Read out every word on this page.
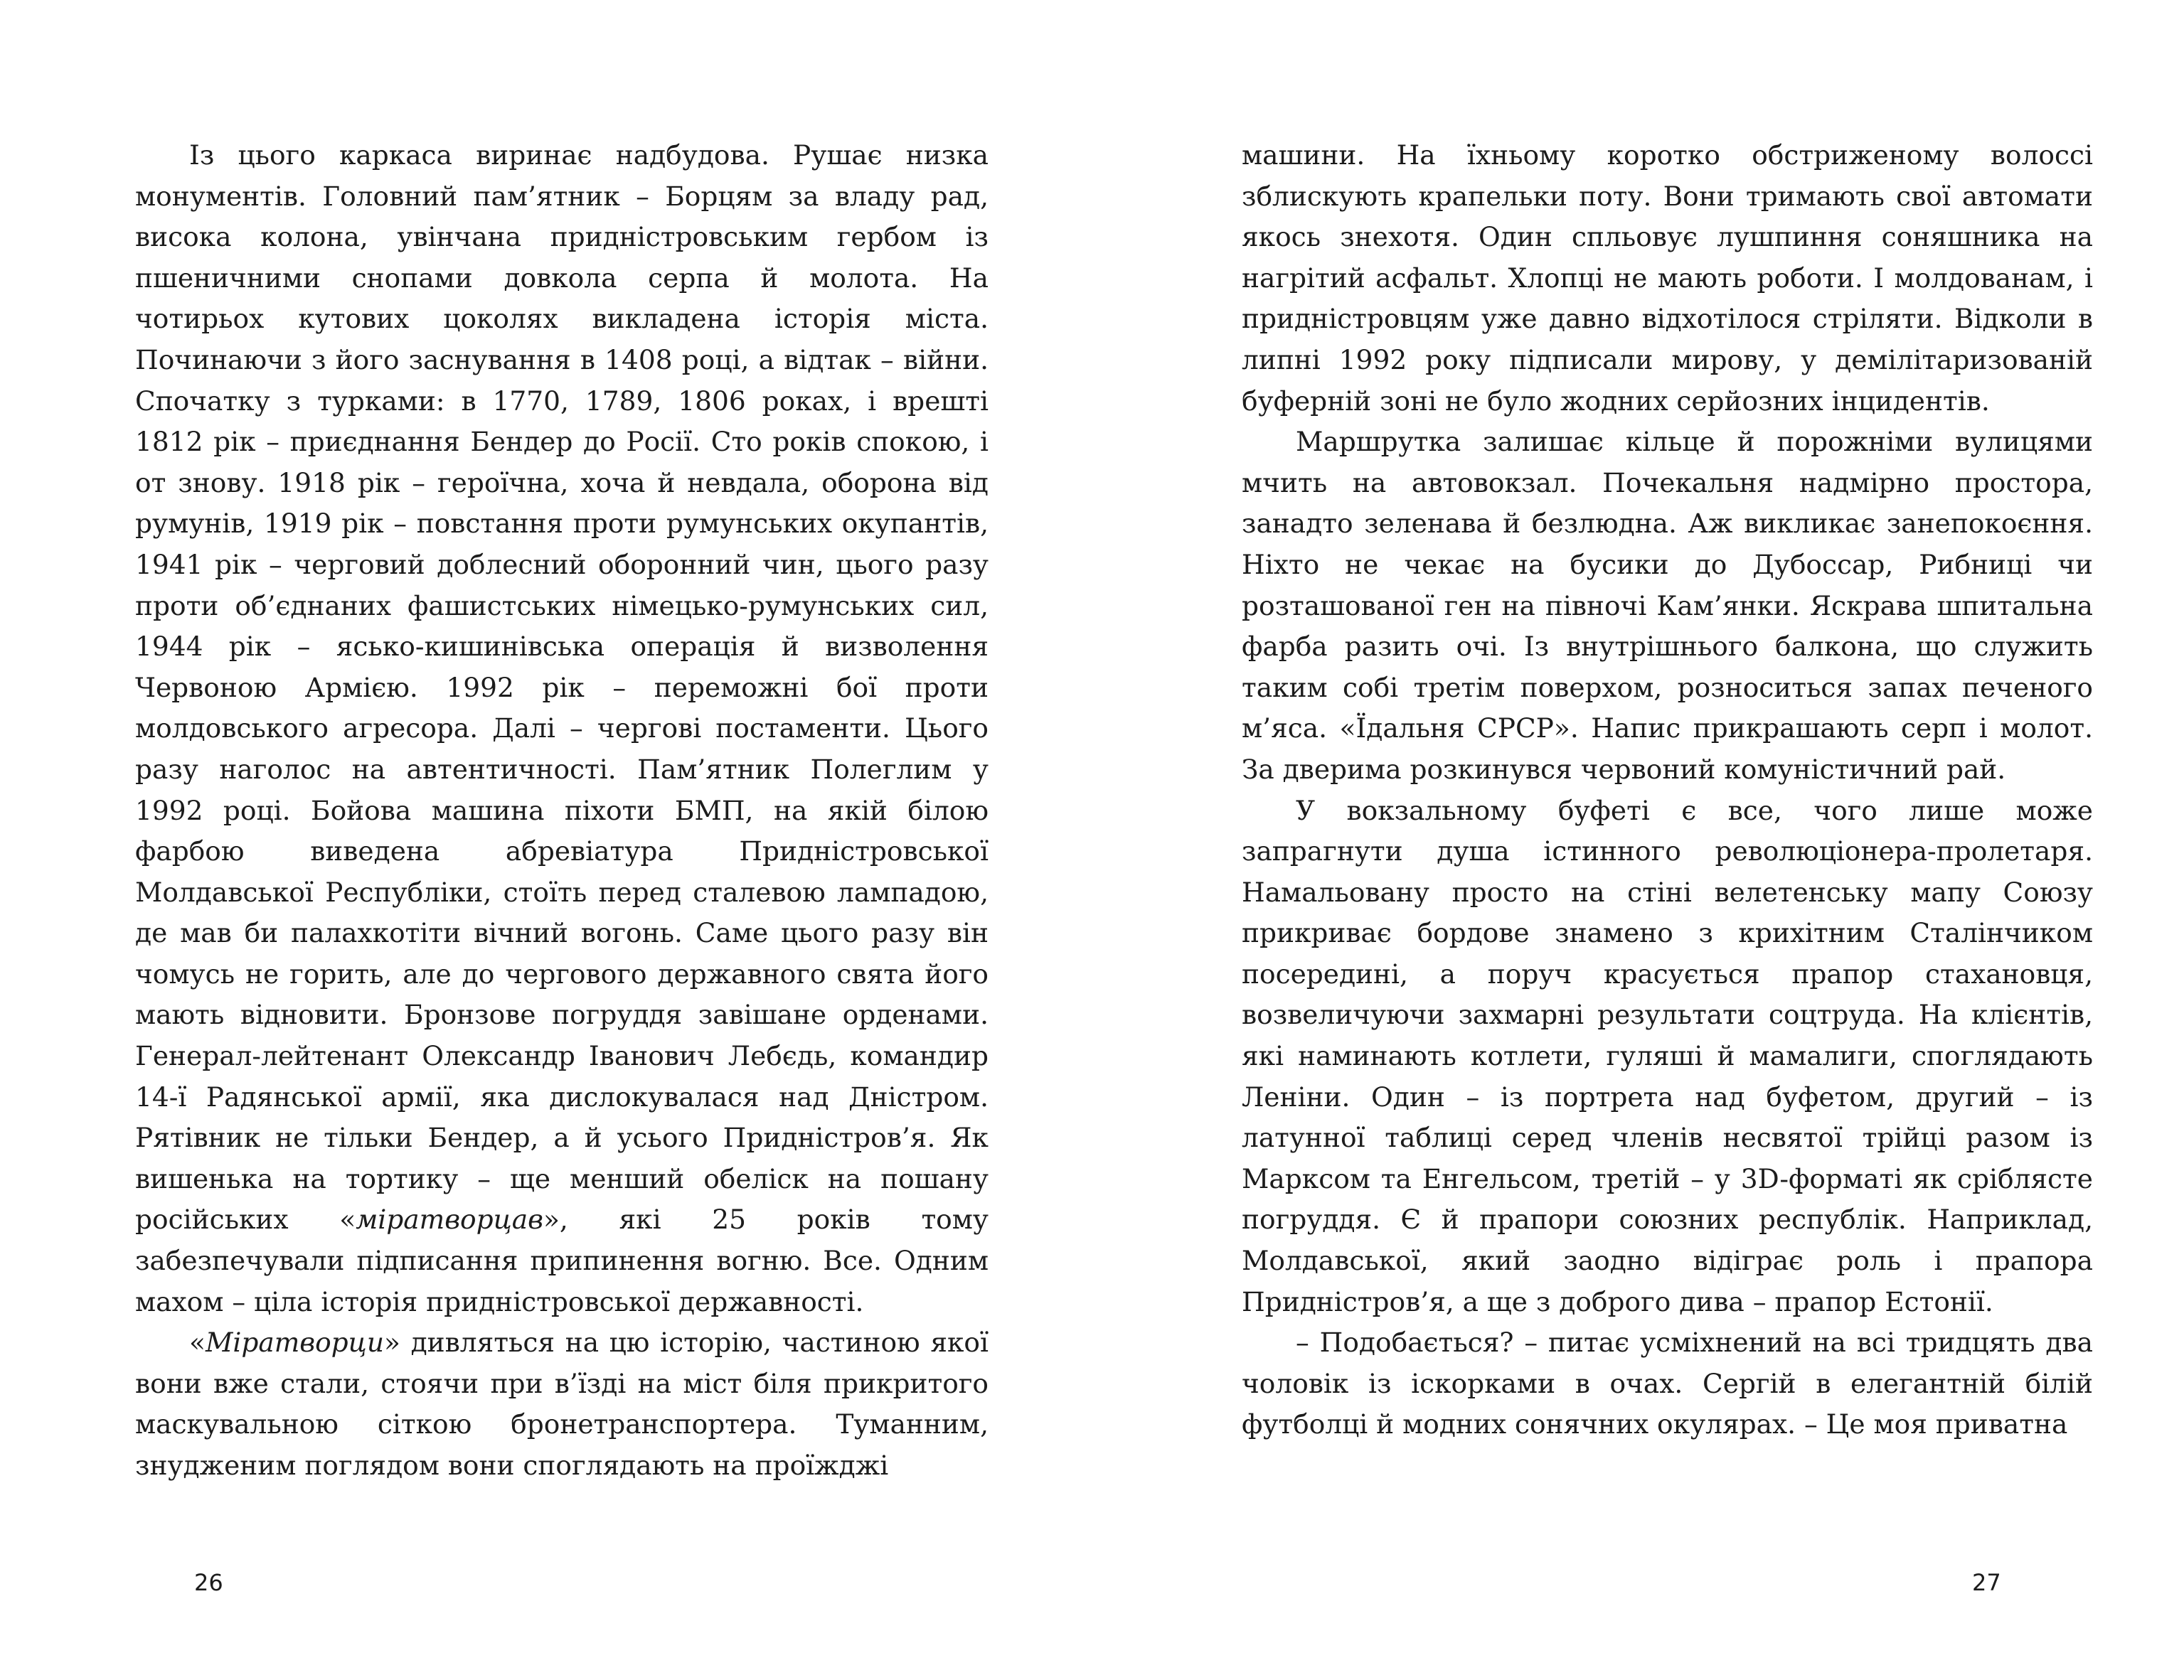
Із цього каркаса виринає надбудова. Рушає низка монументів. Головний пам’ятник – Борцям за владу рад, висока колона, увінчана придністровським гербом із пшеничними снопами довкола серпа й молота. На чотирьох кутових цоколях викладена історія міста. Починаючи з його заснування в 1408 році, а відтак – війни. Спочатку з турками: в 1770, 1789, 1806 роках, і врешті 1812 рік – приєднання Бендер до Росії. Сто років спокою, і от знову. 1918 рік – героїчна, хоча й невдала, оборона від румунів, 1919 рік – повстання проти румунських окупантів, 1941 рік – черговий доблесний оборонний чин, цього разу проти об’єднаних фашистських німецько-румунських сил, 1944 рік – ясько-кишинівська операція й визволення Червоною Армією. 1992 рік – переможні бої проти молдовського агресора. Далі – чергові постаменти. Цього разу наголос на автентичності. Пам’ятник Полеглим у 1992 році. Бойова машина піхоти БМП, на якій білою фарбою виведена абревіатура Придністровської Молдавської Республіки, стоїть перед сталевою лампадою, де мав би палахкотіти вічний вогонь. Саме цього разу він чомусь не горить, але до чергового державного свята його мають відновити. Бронзове погруддя завішане орденами. Генерал-лейтенант Олександр Іванович Лебєдь, командир 14-ї Радянської армії, яка дислокувалася над Дністром. Рятівник не тільки Бендер, а й усього Придністров’я. Як вишенька на тортику – ще менший обеліск на пошану російських «міратворцав», які 25 років тому забезпечували підписання припинення вогню. Все. Одним махом – ціла історія придністровської державності.

«Міратворци» дивляться на цю історію, частиною якої вони вже стали, стоячи при в’їзді на міст біля прикритого маскувальною сіткою бронетранспортера. Туманним, знудженим поглядом вони споглядають на проїжджі

26

машини. На їхньому коротко обстриженому волоссі зблискують крапельки поту. Вони тримають свої автомати якось знехотя. Один спльовує лушпиння соняшника на нагрітий асфальт. Хлопці не мають роботи. І молдованам, і придністровцям уже давно відхотілося стріляти. Відколи в липні 1992 року підписали мирову, у демілітаризованій буферній зоні не було жодних серйозних інцидентів.

Маршрутка залишає кільце й порожніми вулицями мчить на автовокзал. Почекальня надмірно простора, занадто зеленава й безлюдна. Аж викликає занепокоєння. Ніхто не чекає на бусики до Дубоссар, Рибниці чи розташованої ген на півночі Кам’янки. Яскрава шпитальна фарба разить очі. Із внутрішнього балкона, що служить таким собі третім поверхом, розноситься запах печеного м’яса. «Їдальня СРСР». Напис прикрашають серп і молот. За дверима розкинувся червоний комуністичний рай.

У вокзальному буфеті є все, чого лише може запрагнути душа істинного революціонера-пролетаря. Намальовану просто на стіні велетенську мапу Союзу прикриває бордове знамено з крихітним Сталінчиком посередині, а поруч красується прапор стахановця, возвеличуючи захмарні результати соцтруда. На клієнтів, які наминають котлети, гуляші й мамалиги, споглядають Леніни. Один – із портрета над буфетом, другий – із латунної таблиці серед членів несвятої трійці разом із Марксом та Енгельсом, третій – у 3D-форматі як сріблясте погруддя. Є й прапори союзних республік. Наприклад, Молдавської, який заодно відіграє роль і прапора Придністров’я, а ще з доброго дива – прапор Естонії.

– Подобається? – питає усміхнений на всі тридцять два чоловік із іскорками в очах. Сергій в елегантній білій футболці й модних сонячних окулярах. – Це моя приватна

27
